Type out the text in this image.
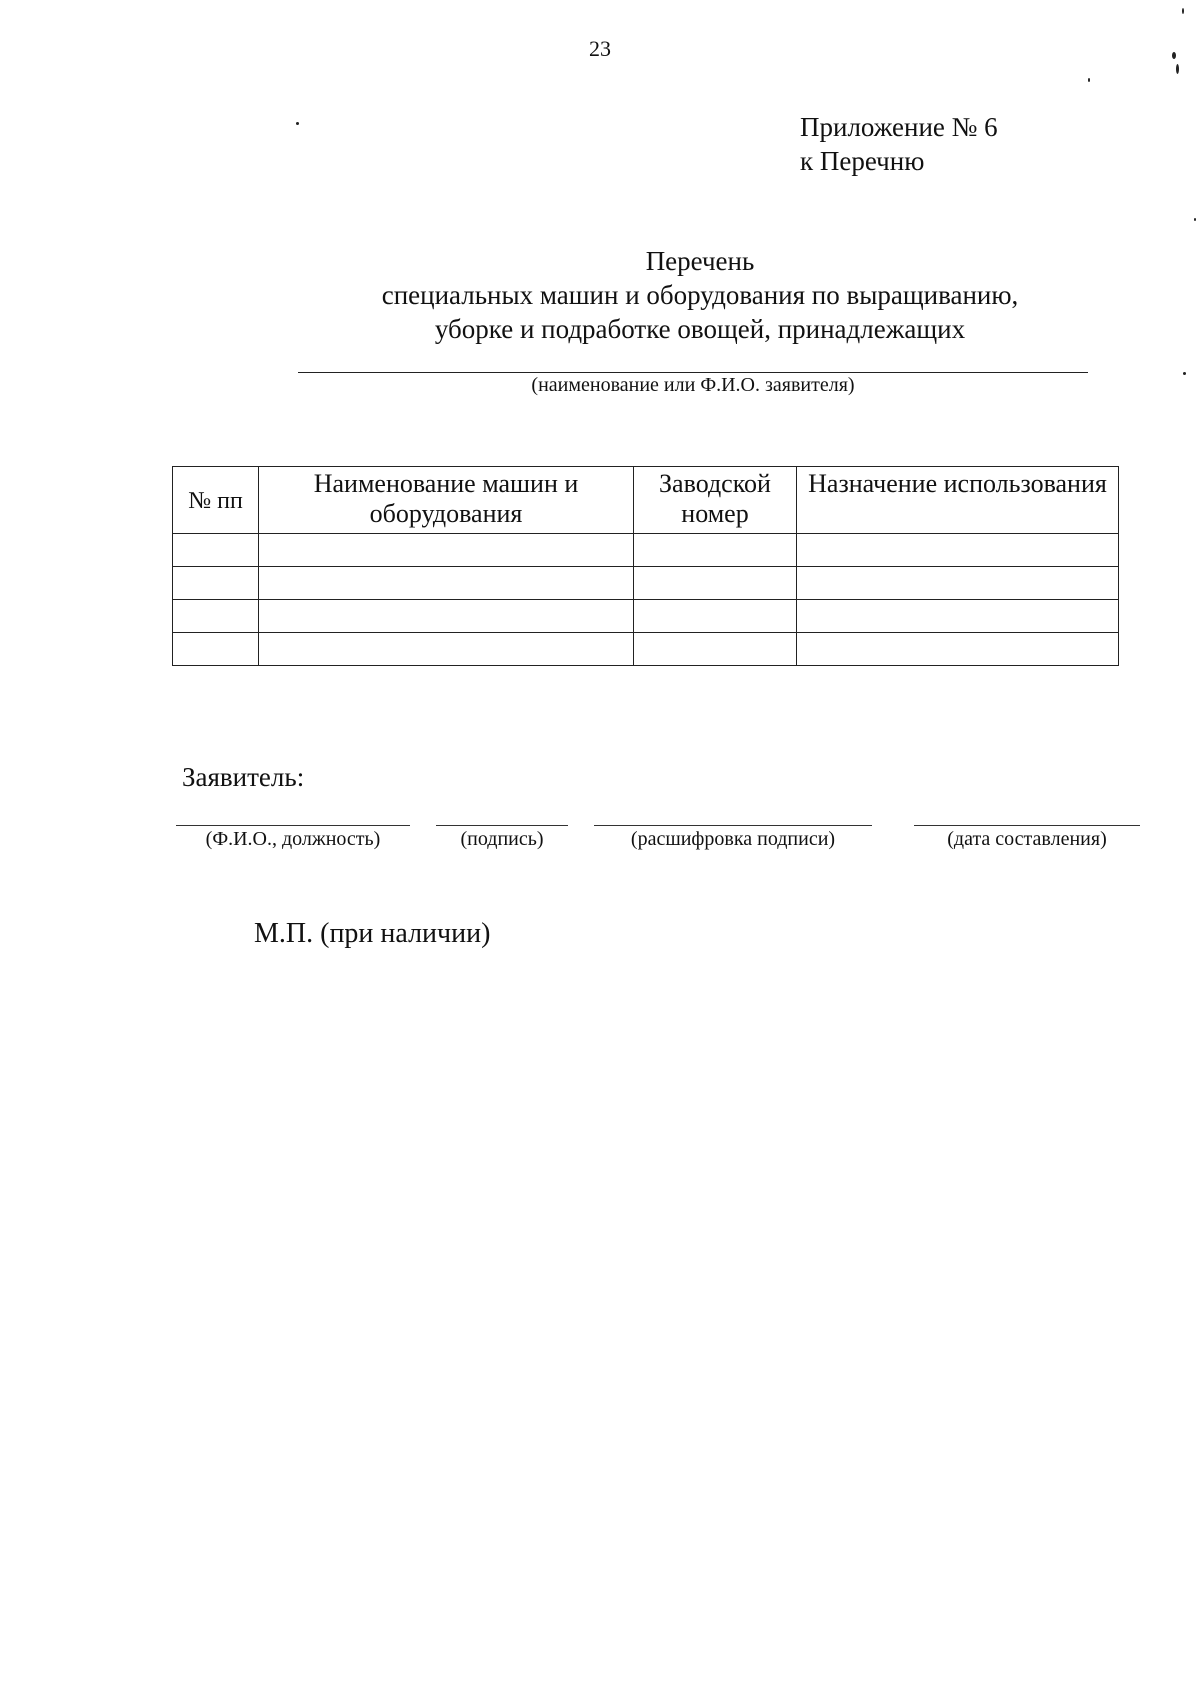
23
Приложение № 6
к Перечню
Перечень
специальных машин и оборудования по выращиванию,
уборке и подработке овощей, принадлежащих
(наименование или Ф.И.О. заявителя)
№ пп	Наименование машин и оборудования	Заводской номер	Назначение использования

Заявитель:
(Ф.И.О., должность)	(подпись)	(расшифровка подписи)	(дата составления)
М.П. (при наличии)
